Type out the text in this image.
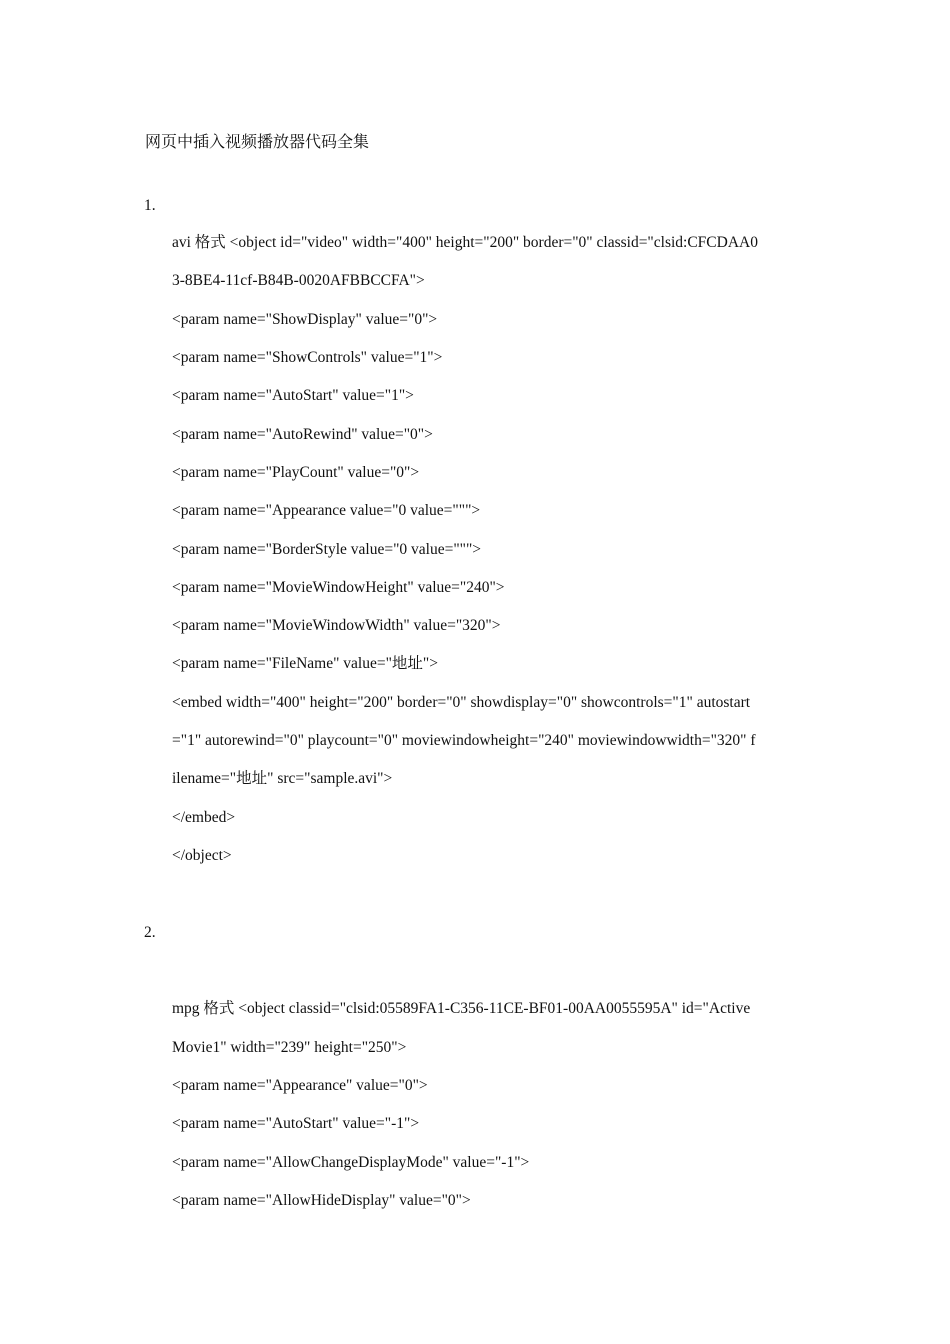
网页中插入视频播放器代码全集

1.

avi 格式 <object id="video" width="400" height="200" border="0" classid="clsid:CFCDAA0

3-8BE4-11cf-B84B-0020AFBBCCFA">

<param name="ShowDisplay" value="0">

<param name="ShowControls" value="1">

<param name="AutoStart" value="1">

<param name="AutoRewind" value="0">

<param name="PlayCount" value="0">

<param name="Appearance value="0 value=""">

<param name="BorderStyle value="0 value=""">

<param name="MovieWindowHeight" value="240">

<param name="MovieWindowWidth" value="320">

<param name="FileName" value="地址">

<embed width="400" height="200" border="0" showdisplay="0" showcontrols="1" autostart

="1" autorewind="0" playcount="0" moviewindowheight="240" moviewindowwidth="320" f

ilename="地址" src="sample.avi">

</embed>

</object>

2.

mpg 格式 <object classid="clsid:05589FA1-C356-11CE-BF01-00AA0055595A" id="Active

Movie1" width="239" height="250">

<param name="Appearance" value="0">

<param name="AutoStart" value="-1">

<param name="AllowChangeDisplayMode" value="-1">

<param name="AllowHideDisplay" value="0">
